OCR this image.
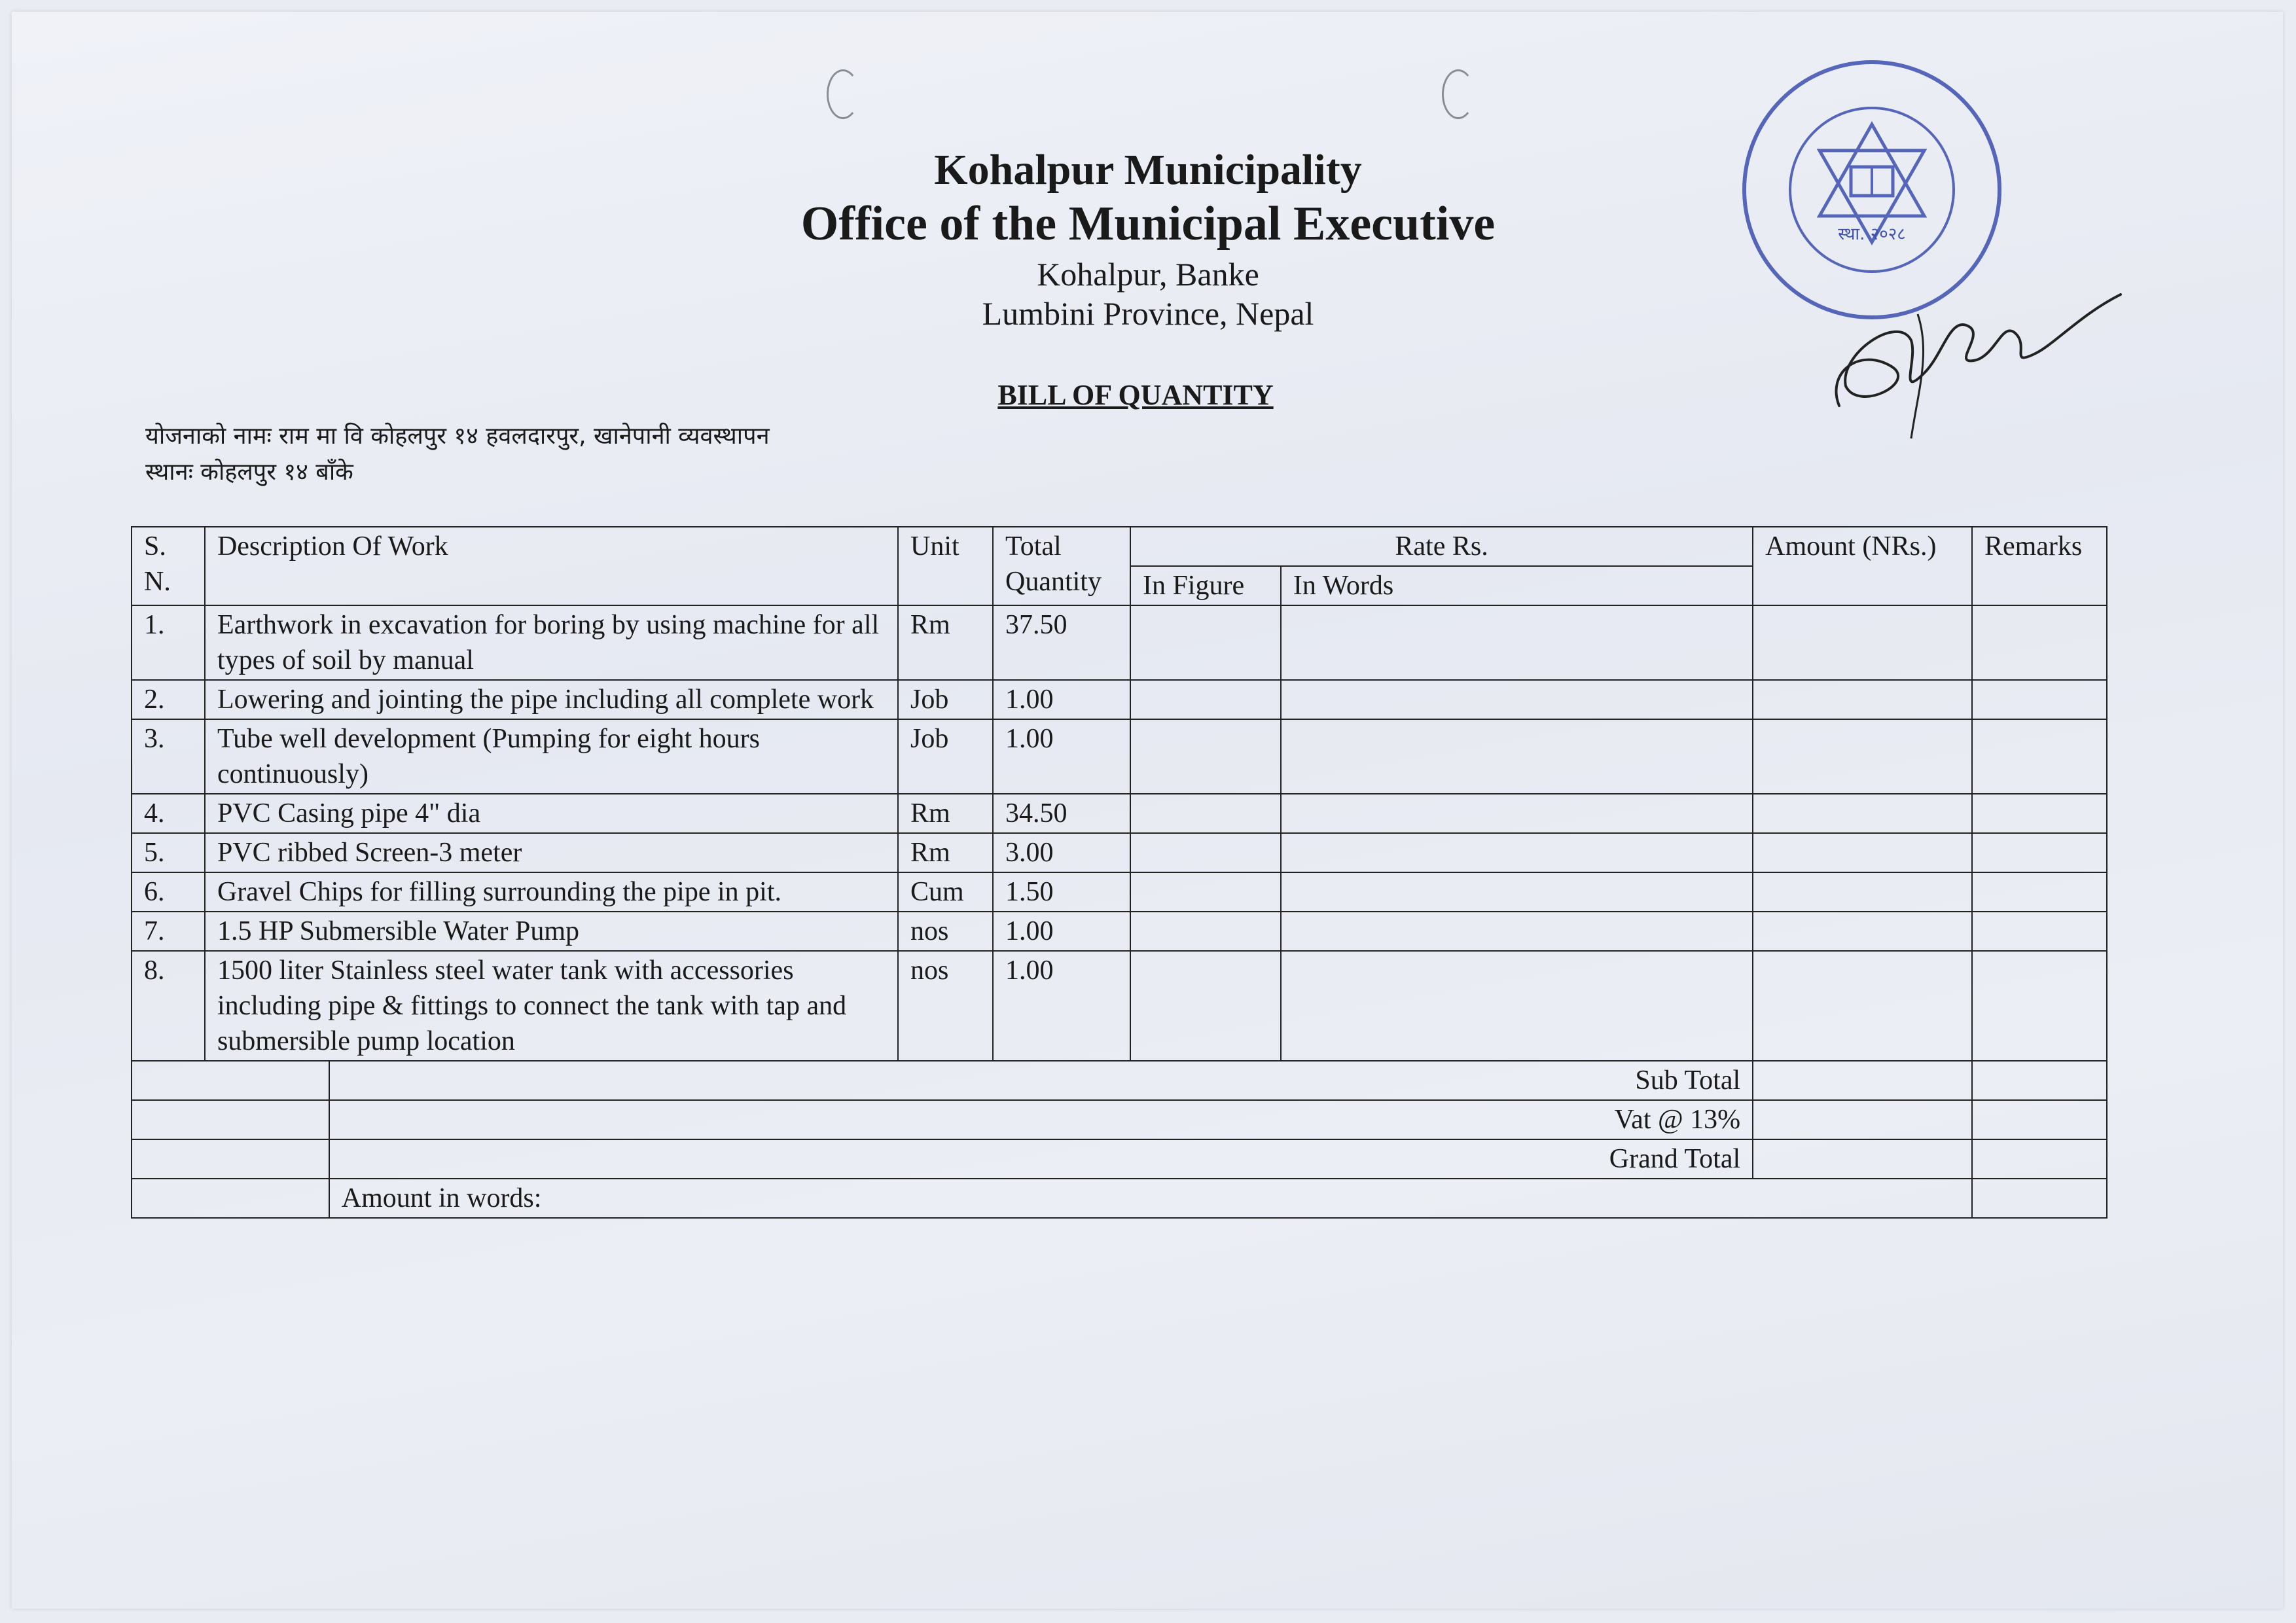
Kohalpur Municipality
Office of the Municipal Executive
Kohalpur, Banke
Lumbini Province, Nepal
BILL OF QUANTITY
योजनाको नामः राम मा वि कोहलपुर १४ हवलदारपुर, खानेपानी व्यवस्थापन
स्थानः कोहलपुर १४ बाँके
S. N.	Description Of Work		Unit	Total Quantity	Rate Rs.		Amount (NRs.)	Remarks
					In Figure	In Words		
1.	Earthwork in excavation for boring by using machine for all types of soil by manual		Rm	37.50				
2.	Lowering and jointing the pipe including all complete work		Job	1.00				
3.	Tube well development (Pumping for eight hours continuously)		Job	1.00				
4.	PVC Casing pipe 4" dia		Rm	34.50				
5.	PVC ribbed Screen-3 meter		Rm	3.00				
6.	Gravel Chips for filling surrounding the pipe in pit.		Cum	1.50				
7.	1.5 HP Submersible Water Pump		nos	1.00				
8.	1500 liter Stainless steel water tank with accessories including pipe & fittings to connect the tank with tap and submersible pump location		nos	1.00				
		Sub Total						
		Vat @ 13%						
		Grand Total						
		Amount in words:						
स्था. २०२८
